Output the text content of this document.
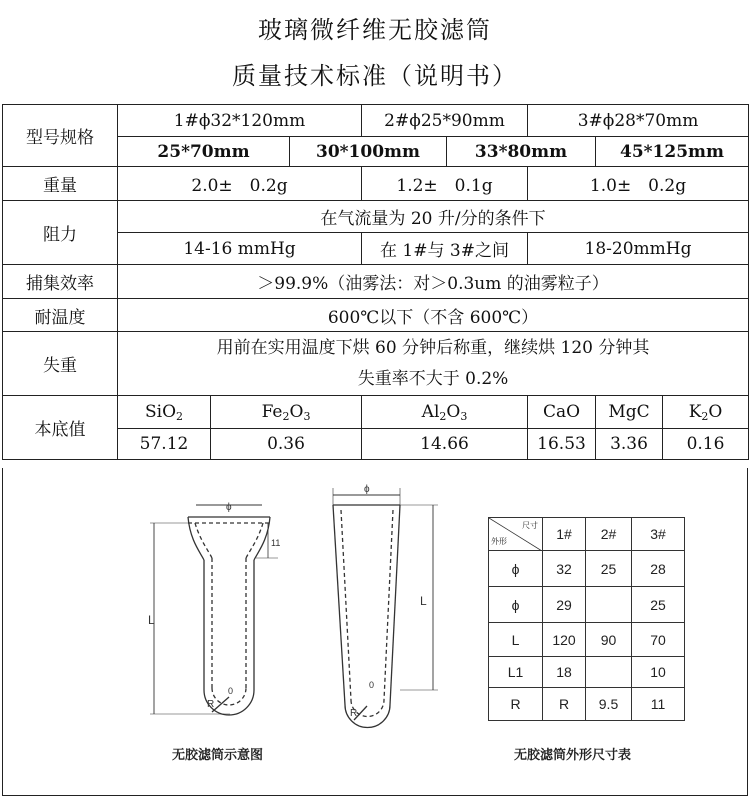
玻璃微纤维无胶滤筒
质量技术标准（说明书）
型号规格	1#ϕ32*120mm			2#ϕ25*90mm		3#ϕ28*70mm			
	25*70mm		30*100mm		33*80mm		45*125mm		
重量	2.0±　0.2g			1.2±　0.1g		1.0±　0.2g			
阻力	在气流量为 20 升/分的条件下								
	14-16 mmHg			在 1#与 3#之间		18-20mmHg			
捕集效率	＞99.9%（油雾法：对＞0.3um 的油雾粒子）								
耐温度	600℃以下（不含 600℃）								
失重	用前在实用温度下烘 60 分钟后称重，继续烘 120 分钟其
失重率不大于 0.2%								

本底值	SiO$_2$	$Fe_2O_3$		$Al_2O_3$		CaO	MgC	$K_2O$	
	57.12	0.36		14.66		16.53	3.36	0.16	
ϕ
L
11
R
0
ϕ
L
R
0
尺寸
外形	1#	2#	3#
ϕ	32	25	28
ϕ	29		25
L	120	90	70
L1	18		10
R	R	9.5	11
无胶滤筒示意图	无胶滤筒外形尺寸表
